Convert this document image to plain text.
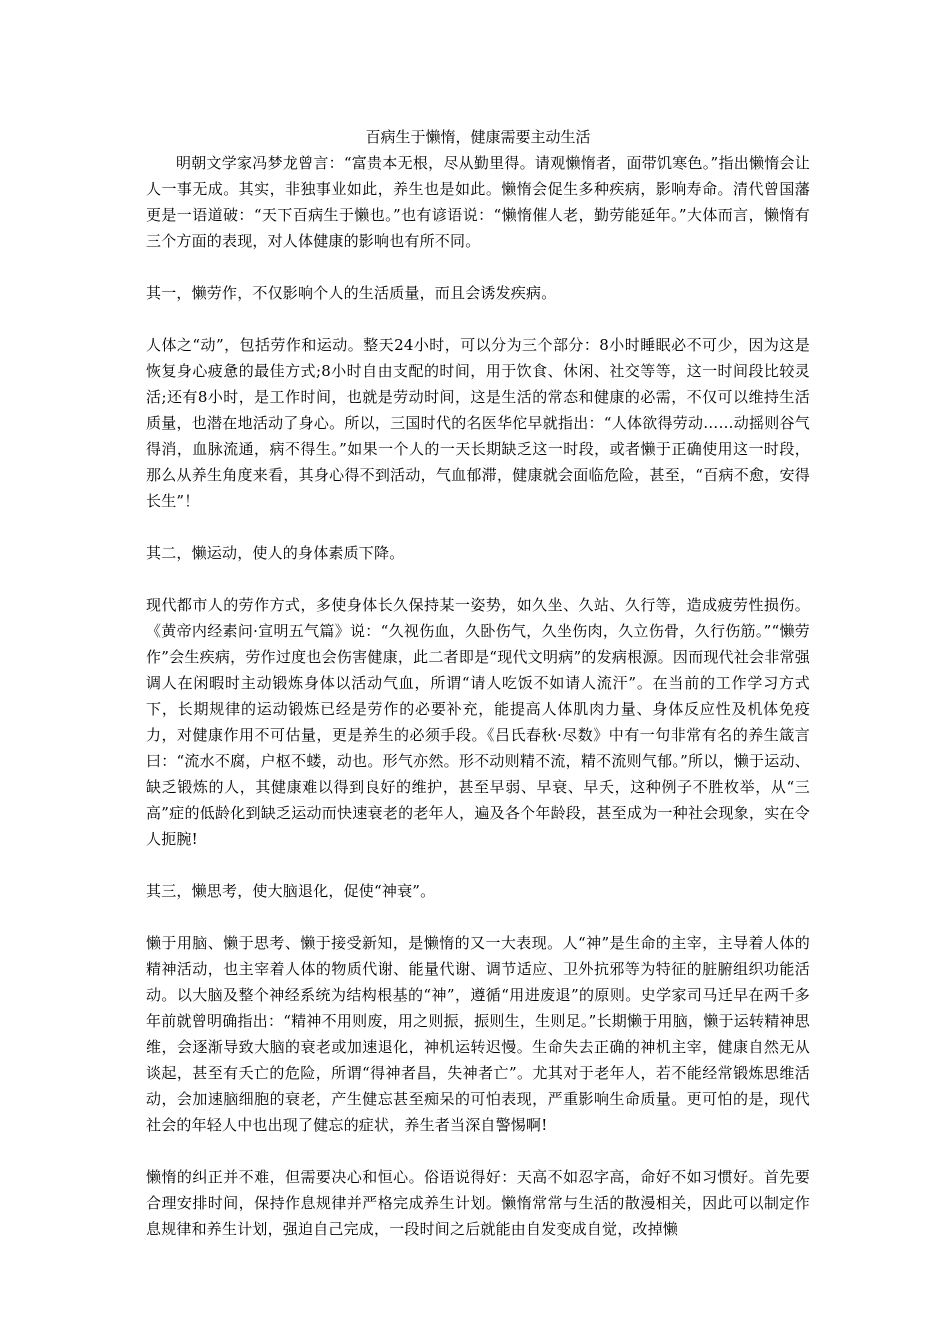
百病生于懒惰，健康需要主动生活

明朝文学家冯梦龙曾言：“富贵本无根，尽从勤里得。请观懒惰者，面带饥寒色。”指出懒惰会让人一事无成。其实，非独事业如此，养生也是如此。懒惰会促生多种疾病，影响寿命。清代曾国藩更是一语道破：“天下百病生于懒也。”也有谚语说：“懒惰催人老，勤劳能延年。”大体而言，懒惰有三个方面的表现，对人体健康的影响也有所不同。

其一，懒劳作，不仅影响个人的生活质量，而且会诱发疾病。

人体之“动”，包括劳作和运动。整天24小时，可以分为三个部分：8小时睡眠必不可少，因为这是恢复身心疲惫的最佳方式;8小时自由支配的时间，用于饮食、休闲、社交等等，这一时间段比较灵活;还有8小时，是工作时间，也就是劳动时间，这是生活的常态和健康的必需，不仅可以维持生活质量，也潜在地活动了身心。所以，三国时代的名医华佗早就指出：“人体欲得劳动……动摇则谷气得消，血脉流通，病不得生。”如果一个人的一天长期缺乏这一时段，或者懒于正确使用这一时段，那么从养生角度来看，其身心得不到活动，气血郁滞，健康就会面临危险，甚至，“百病不愈，安得长生”！

其二，懒运动，使人的身体素质下降。

现代都市人的劳作方式，多使身体长久保持某一姿势，如久坐、久站、久行等，造成疲劳性损伤。《黄帝内经素问·宣明五气篇》说：“久视伤血，久卧伤气，久坐伤肉，久立伤骨，久行伤筋。”“懒劳作”会生疾病，劳作过度也会伤害健康，此二者即是“现代文明病”的发病根源。因而现代社会非常强调人在闲暇时主动锻炼身体以活动气血，所谓“请人吃饭不如请人流汗”。在当前的工作学习方式下，长期规律的运动锻炼已经是劳作的必要补充，能提高人体肌肉力量、身体反应性及机体免疫力，对健康作用不可估量，更是养生的必须手段。《吕氏春秋·尽数》中有一句非常有名的养生箴言曰：“流水不腐，户枢不蝼，动也。形气亦然。形不动则精不流，精不流则气郁。”所以，懒于运动、缺乏锻炼的人，其健康难以得到良好的维护，甚至早弱、早衰、早夭，这种例子不胜枚举，从“三高”症的低龄化到缺乏运动而快速衰老的老年人，遍及各个年龄段，甚至成为一种社会现象，实在令人扼腕!

其三，懒思考，使大脑退化，促使“神衰”。

懒于用脑、懒于思考、懒于接受新知，是懒惰的又一大表现。人“神”是生命的主宰，主导着人体的精神活动，也主宰着人体的物质代谢、能量代谢、调节适应、卫外抗邪等为特征的脏腑组织功能活动。以大脑及整个神经系统为结构根基的“神”，遵循“用进废退”的原则。史学家司马迁早在两千多年前就曾明确指出：“精神不用则废，用之则振，振则生，生则足。”长期懒于用脑，懒于运转精神思维，会逐渐导致大脑的衰老或加速退化，神机运转迟慢。生命失去正确的神机主宰，健康自然无从谈起，甚至有夭亡的危险，所谓“得神者昌，失神者亡”。尤其对于老年人，若不能经常锻炼思维活动，会加速脑细胞的衰老，产生健忘甚至痴呆的可怕表现，严重影响生命质量。更可怕的是，现代社会的年轻人中也出现了健忘的症状，养生者当深自警惕啊!

懒惰的纠正并不难，但需要决心和恒心。俗语说得好：天高不如忍字高，命好不如习惯好。首先要合理安排时间，保持作息规律并严格完成养生计划。懒惰常常与生活的散漫相关，因此可以制定作息规律和养生计划，强迫自己完成，一段时间之后就能由自发变成自觉，改掉懒
